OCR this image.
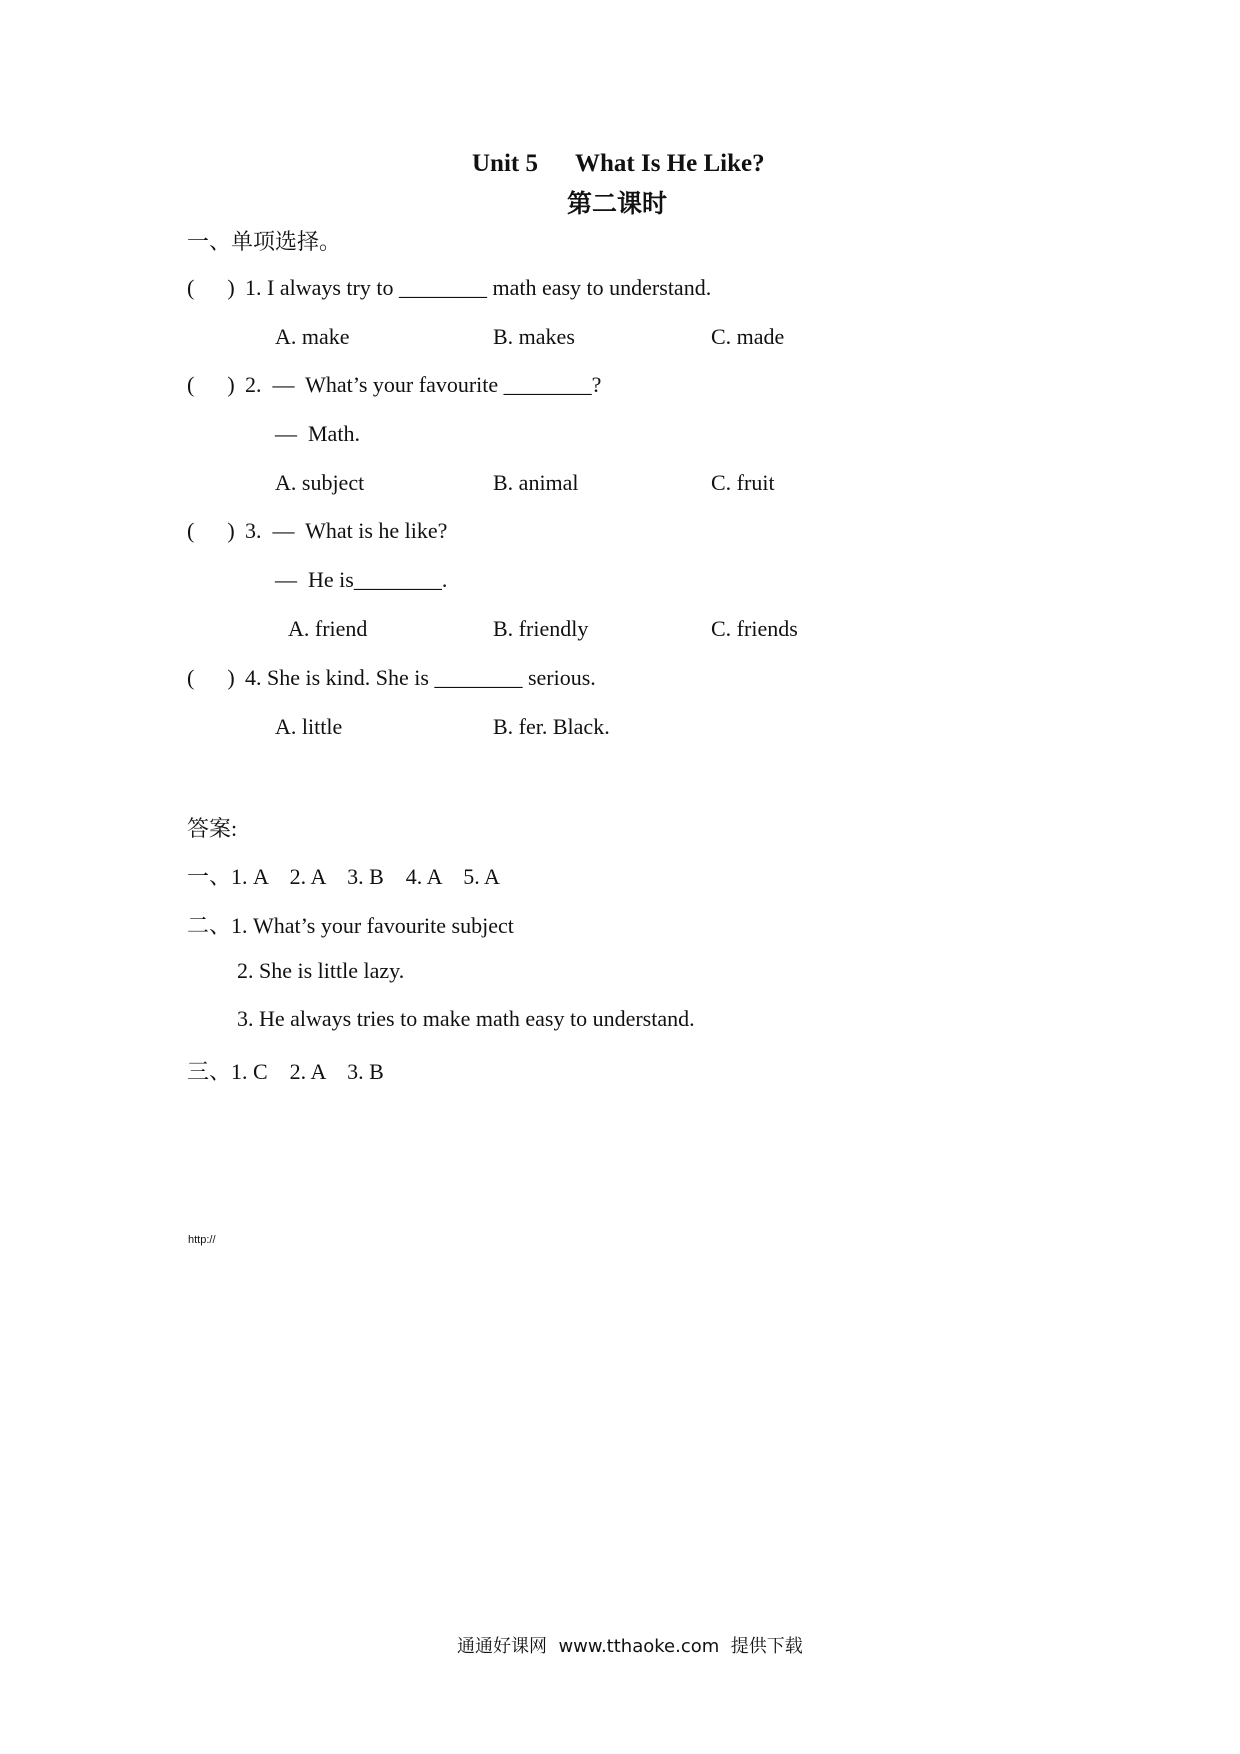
Unit 5 What Is He Like?
第二课时
一、单项选择。
(      ) 1. I always try to ________ math easy to understand.
A. make	B. makes	C. made
(      ) 2.  —  What’s your favourite ________?
—  Math.
A. subject	B. animal	C. fruit
(      ) 3.  —  What is he like?
—  He is________.
A. friend	B. friendly	C. friends
(      ) 4. She is kind. She is ________ serious.
A. little	B. fer. Black.
答案:
一、1. A    2. A    3. B    4. A    5. A
二、1. What’s your favourite subject
2. She is little lazy.
3. He always tries to make math easy to understand.
三、1. C    2. A    3. B
http://
通通好课网  www.tthaoke.com  提供下载
